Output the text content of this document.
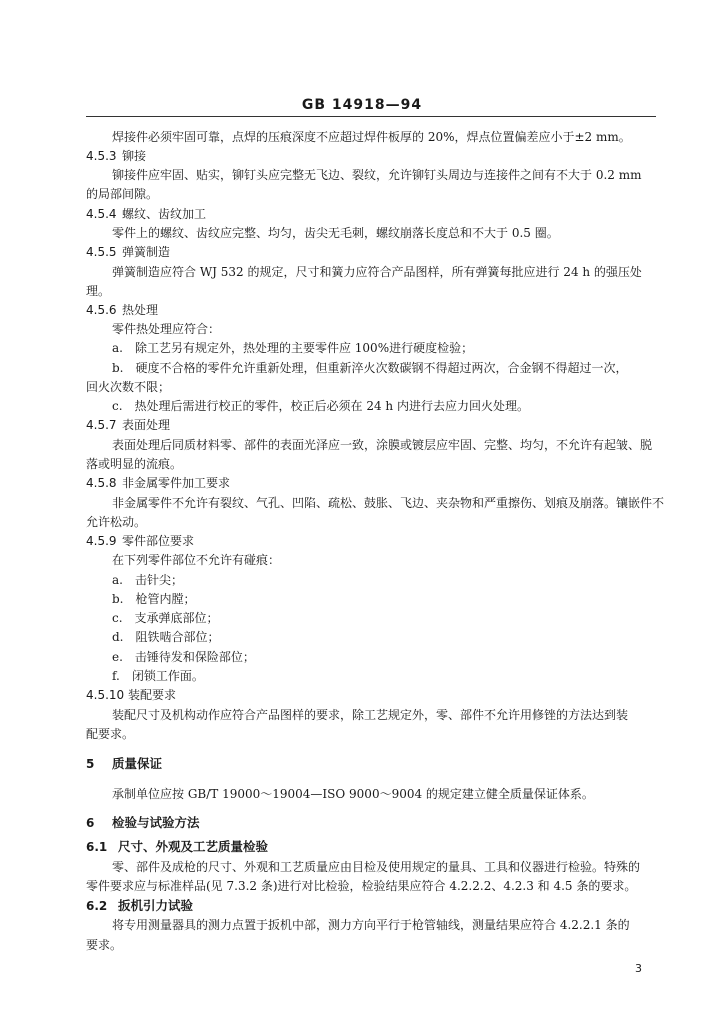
GB 14918—94
焊接件必须牢固可靠，点焊的压痕深度不应超过焊件板厚的 20%，焊点位置偏差应小于±2 mm。
4.5.3 铆接
铆接件应牢固、贴实，铆钉头应完整无飞边、裂纹，允许铆钉头周边与连接件之间有不大于 0.2 mm
的局部间隙。
4.5.4 螺纹、齿纹加工
零件上的螺纹、齿纹应完整、均匀，齿尖无毛刺，螺纹崩落长度总和不大于 0.5 圈。
4.5.5 弹簧制造
弹簧制造应符合 WJ 532 的规定，尺寸和簧力应符合产品图样，所有弹簧每批应进行 24 h 的强压处
理。
4.5.6 热处理
零件热处理应符合：
a.　除工艺另有规定外，热处理的主要零件应 100%进行硬度检验；
b.　硬度不合格的零件允许重新处理，但重新淬火次数碳钢不得超过两次，合金钢不得超过一次，
回火次数不限；
c.　热处理后需进行校正的零件，校正后必须在 24 h 内进行去应力回火处理。
4.5.7 表面处理
表面处理后同质材料零、部件的表面光泽应一致，涂膜或镀层应牢固、完整、均匀，不允许有起皱、脱
落或明显的流痕。
4.5.8 非金属零件加工要求
非金属零件不允许有裂纹、气孔、凹陷、疏松、鼓胀、飞边、夹杂物和严重擦伤、划痕及崩落。镶嵌件不
允许松动。
4.5.9 零件部位要求
在下列零件部位不允许有碰痕：
a.　击针尖；
b.　枪管内膛；
c.　支承弹底部位；
d.　阻铁啮合部位；
e.　击锤待发和保险部位；
f.　闭锁工作面。
4.5.10 装配要求
装配尺寸及机构动作应符合产品图样的要求，除工艺规定外，零、部件不允许用修锉的方法达到装
配要求。
5 质量保证
承制单位应按 GB/T 19000～19004—ISO 9000～9004 的规定建立健全质量保证体系。
6 检验与试验方法
6.1 尺寸、外观及工艺质量检验
零、部件及成枪的尺寸、外观和工艺质量应由目检及使用规定的量具、工具和仪器进行检验。特殊的
零件要求应与标准样品(见 7.3.2 条)进行对比检验，检验结果应符合 4.2.2.2、4.2.3 和 4.5 条的要求。
6.2 扳机引力试验
将专用测量器具的测力点置于扳机中部，测力方向平行于枪管轴线，测量结果应符合 4.2.2.1 条的
要求。
3
